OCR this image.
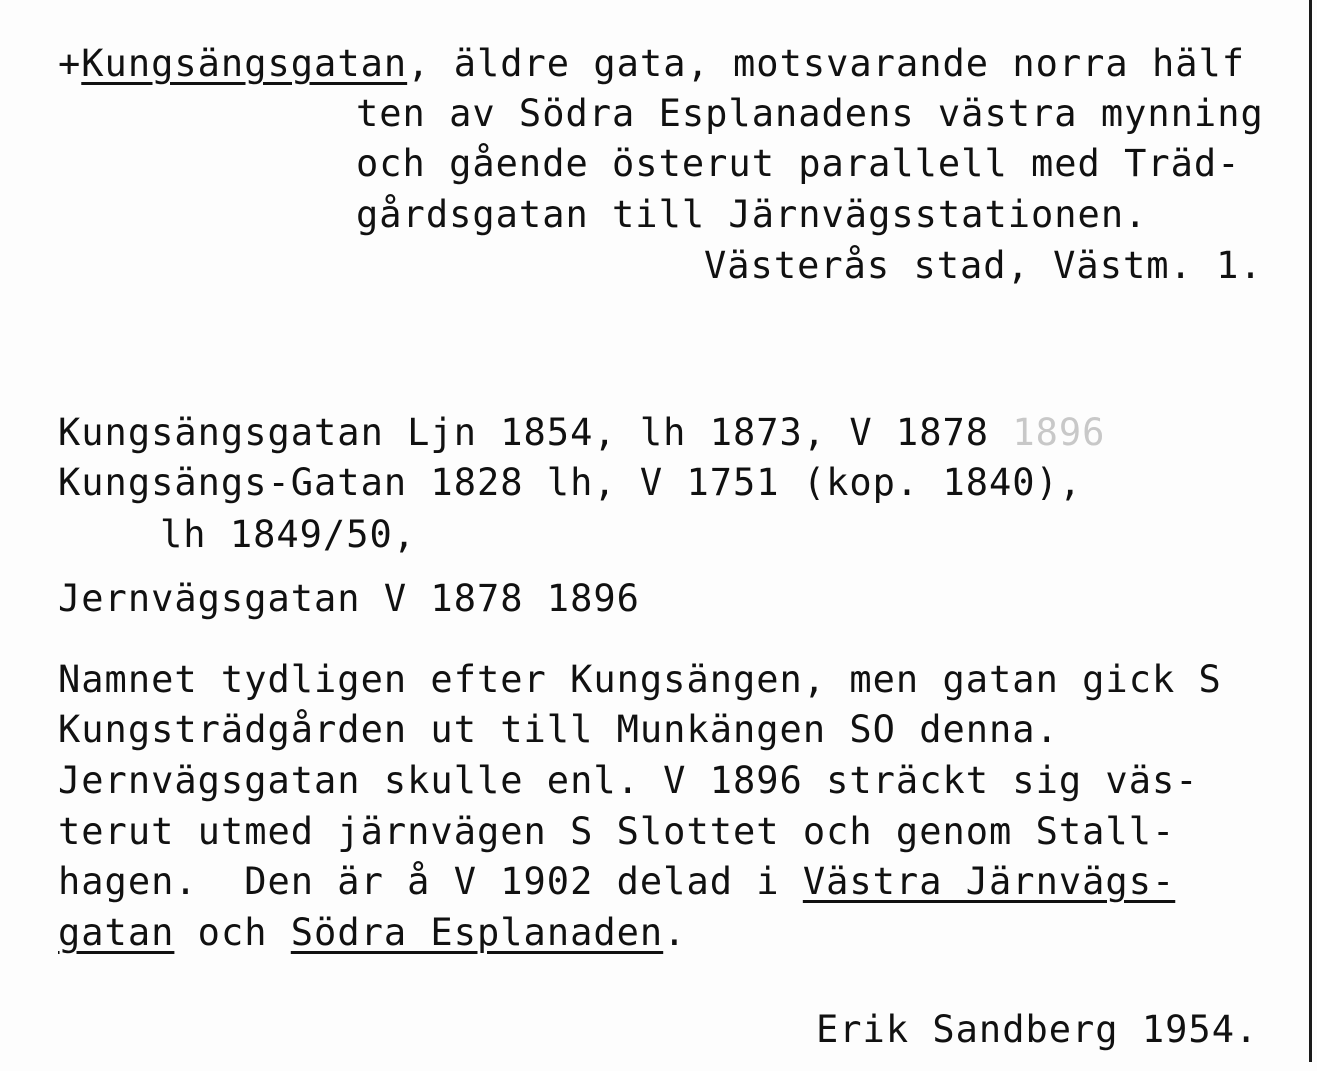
+Kungsängsgatan, äldre gata, motsvarande norra hälf
ten av Södra Esplanadens västra mynning
och gående österut parallell med Träd-
gårdsgatan till Järnvägsstationen.
Västerås stad, Västm. 1.
Kungsängsgatan Ljn 1854, lh 1873, V 1878 1896
Kungsängs-Gatan 1828 lh, V 1751 (kop. 1840),
lh 1849/50,
Jernvägsgatan V 1878 1896
Namnet tydligen efter Kungsängen, men gatan gick S
Kungsträdgården ut till Munkängen SO denna.
Jernvägsgatan skulle enl. V 1896 sträckt sig väs-
terut utmed järnvägen S Slottet och genom Stall-
hagen.  Den är å V 1902 delad i Västra Järnvägs-
gatan och Södra Esplanaden.
Erik Sandberg 1954.
